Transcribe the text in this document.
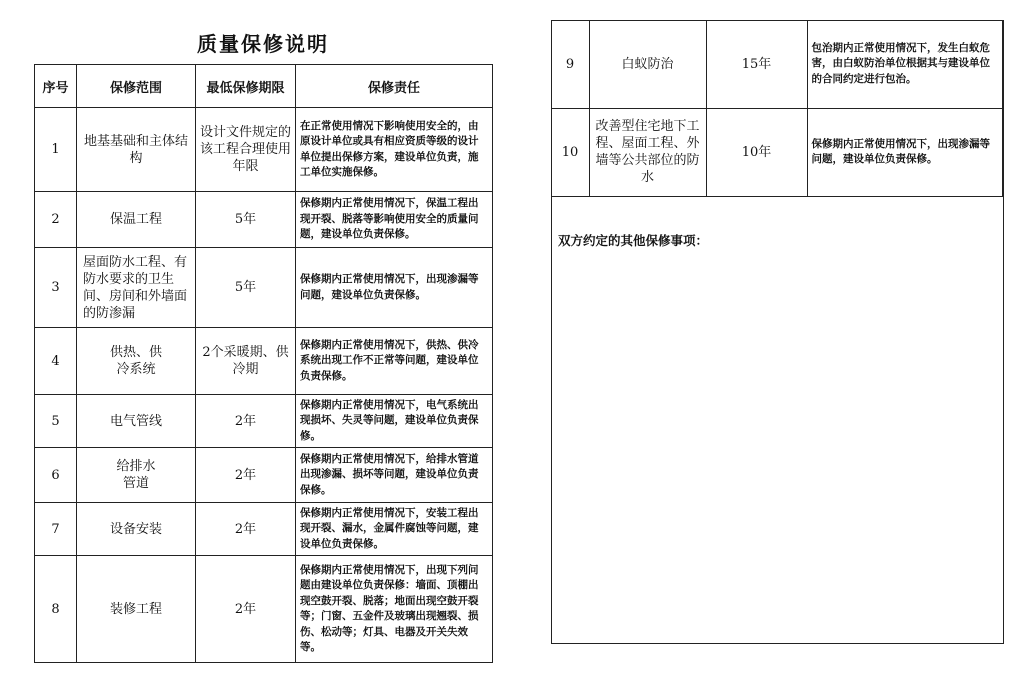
质量保修说明
序号	保修范围	最低保修期限	保修责任
1	地基基础和主体结构	设计文件规定的该工程合理使用年限	在正常使用情况下影响使用安全的，由原设计单位或具有相应资质等级的设计单位提出保修方案，建设单位负责，施工单位实施保修。
2	保温工程	5年	保修期内正常使用情况下，保温工程出现开裂、脱落等影响使用安全的质量问题，建设单位负责保修。
3	屋面防水工程、有防水要求的卫生间、房间和外墙面的防渗漏	5年	保修期内正常使用情况下，出现渗漏等问题，建设单位负责保修。
4	供热、供冷系统	2个采暖期、供冷期	保修期内正常使用情况下，供热、供冷系统出现工作不正常等问题，建设单位负责保修。
5	电气管线	2年	保修期内正常使用情况下，电气系统出现损坏、失灵等问题，建设单位负责保修。
6	给排水管道	2年	保修期内正常使用情况下，给排水管道出现渗漏、损坏等问题，建设单位负责保修。
7	设备安装	2年	保修期内正常使用情况下，安装工程出现开裂、漏水，金属件腐蚀等问题，建设单位负责保修。
8	装修工程	2年	保修期内正常使用情况下，出现下列问题由建设单位负责保修：墙面、顶棚出现空鼓开裂、脱落；地面出现空鼓开裂等；门窗、五金件及玻璃出现翘裂、损伤、松动等；灯具、电器及开关失效等。
9	白蚁防治	15年	包治期内正常使用情况下，发生白蚁危害，由白蚁防治单位根据其与建设单位的合同约定进行包治。
10	改善型住宅地下工程、屋面工程、外墙等公共部位的防水	10年	保修期内正常使用情况下，出现渗漏等问题，建设单位负责保修。
双方约定的其他保修事项：
